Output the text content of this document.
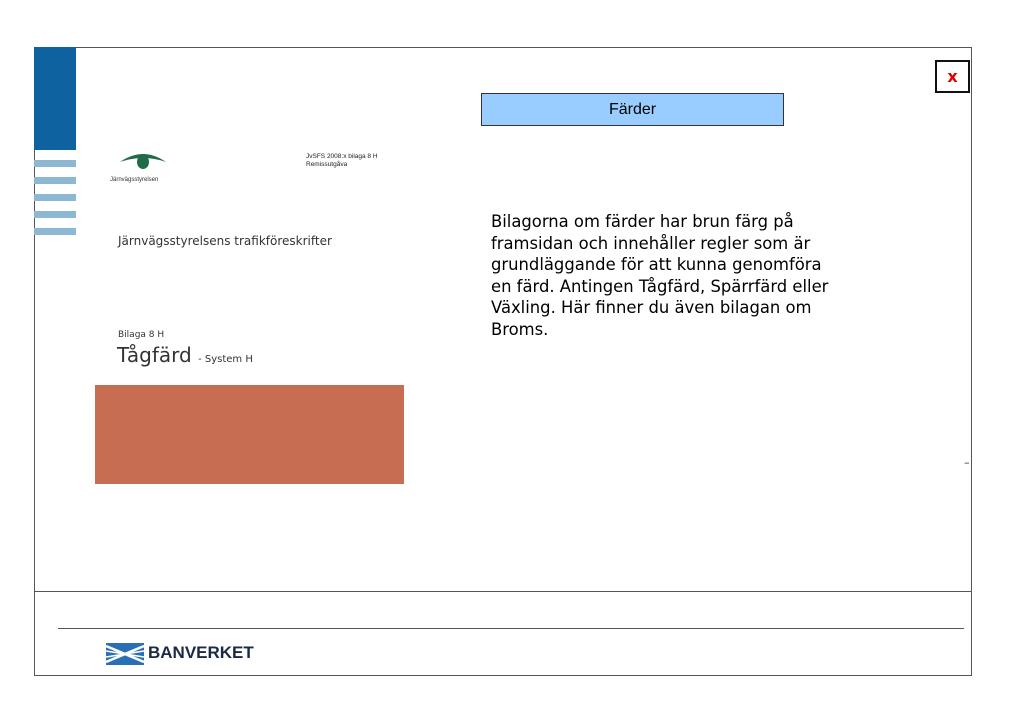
x
Färder
Bilagorna om färder har brun färg på framsidan och innehåller regler som är grundläggande för att kunna genomföra en färd. Antingen Tågfärd, Spärrfärd eller Växling. Här finner du även bilagan om Broms.
Järnvägsstyrelsen
JvSFS 2008:x bilaga 8 H
Remissutgåva
Järnvägsstyrelsens trafikföreskrifter
Bilaga 8 H
Tågfärd - System H
–
BANVERKET
